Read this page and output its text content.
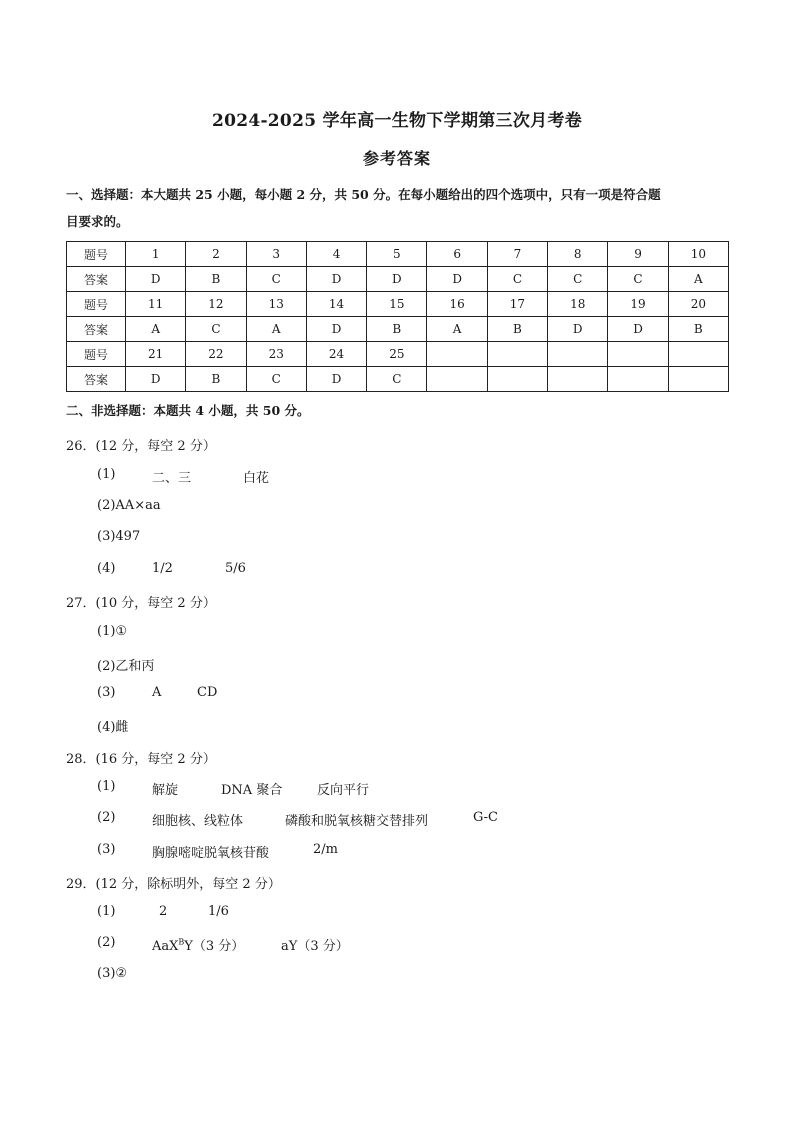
2024-2025 学年高一生物下学期第三次月考卷
参考答案
一、选择题：本大题共 25 小题，每小题 2 分，共 50 分。在每小题给出的四个选项中，只有一项是符合题
目要求的。
题号	1	2	3	4	5	6	7	8	9	10
答案	D	B	C	D	D	D	C	C	C	A
题号	11	12	13	14	15	16	17	18	19	20
答案	A	C	A	D	B	A	B	D	D	B
题号	21	22	23	24	25					
答案	D	B	C	D	C					
二、非选择题：本题共 4 小题，共 50 分。
26．(12 分，每空 2 分）
(1)	二、三	白花
(2)AA×aa
(3)497
(4)	1/2	5/6
27．(10 分，每空 2 分）
(1)①
(2)乙和丙
(3)	A	CD
(4)雌
28．(16 分，每空 2 分）
(1)	解旋	DNA 聚合	反向平行
(2)	细胞核、线粒体	磷酸和脱氧核糖交替排列	G-C
(3)	胸腺嘧啶脱氧核苷酸	2/m
29．(12 分，除标明外，每空 2 分）
(1)	2	1/6
(2)	AaX$^B$Y（3 分）	aY（3 分）
(3)②
